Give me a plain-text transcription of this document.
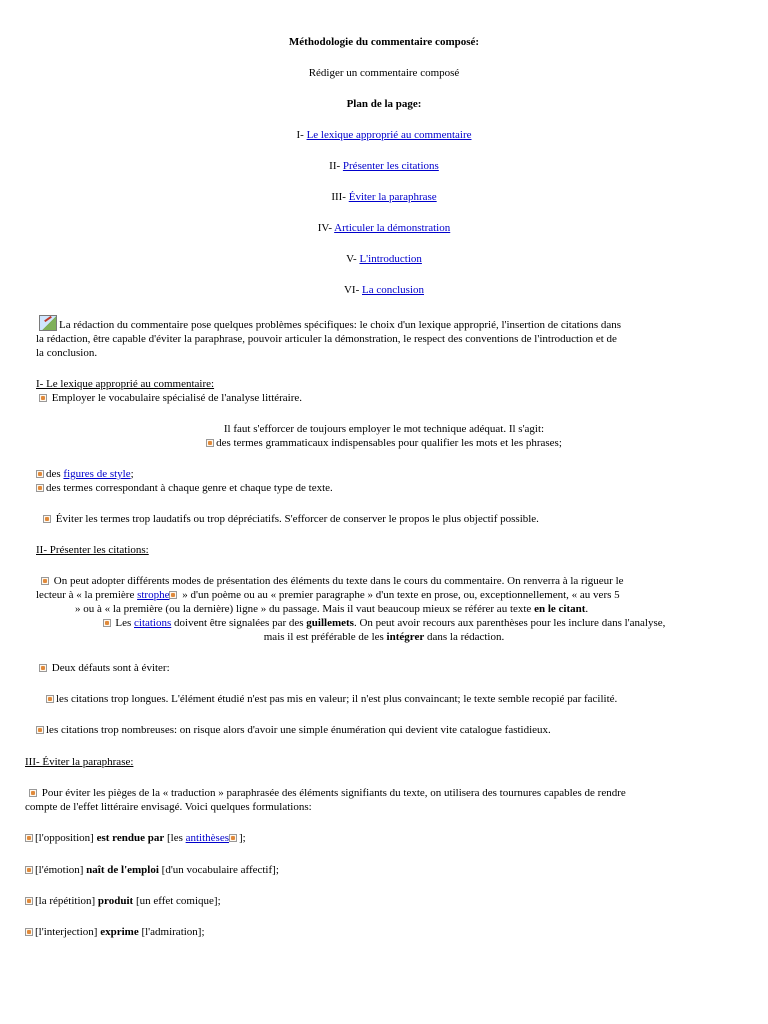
Méthodologie du commentaire composé:
Rédiger un commentaire composé
Plan de la page:
I- Le lexique approprié au commentaire
II- Présenter les citations
III- Éviter la paraphrase
IV- Articuler la démonstration
V- L'introduction
VI- La conclusion
La rédaction du commentaire pose quelques problèmes spécifiques: le choix d'un lexique approprié, l'insertion de citations dans
la rédaction, être capable d'éviter la paraphrase, pouvoir articuler la démonstration, le respect des conventions de l'introduction et de
la conclusion.
I- Le lexique approprié au commentaire:
Employer le vocabulaire spécialisé de l'analyse littéraire.
Il faut s'efforcer de toujours employer le mot technique adéquat. Il s'agit:
des termes grammaticaux indispensables pour qualifier les mots et les phrases;
des figures de style;
des termes correspondant à chaque genre et chaque type de texte.
Éviter les termes trop laudatifs ou trop dépréciatifs. S'efforcer de conserver le propos le plus objectif possible.
II- Présenter les citations:
On peut adopter différents modes de présentation des éléments du texte dans le cours du commentaire. On renverra à la rigueur le
lecteur à « la première strophe » d'un poème ou au « premier paragraphe » d'un texte en prose, ou, exceptionnellement, « au vers 5
» ou à « la première (ou la dernière) ligne » du passage. Mais il vaut beaucoup mieux se référer au texte en le citant.
Les citations doivent être signalées par des guillemets. On peut avoir recours aux parenthèses pour les inclure dans l'analyse,
mais il est préférable de les intégrer dans la rédaction.
Deux défauts sont à éviter:
les citations trop longues. L'élément étudié n'est pas mis en valeur; il n'est plus convaincant; le texte semble recopié par facilité.
les citations trop nombreuses: on risque alors d'avoir une simple énumération qui devient vite catalogue fastidieux.
III- Éviter la paraphrase:
Pour éviter les pièges de la « traduction » paraphrasée des éléments signifiants du texte, on utilisera des tournures capables de rendre
compte de l'effet littéraire envisagé. Voici quelques formulations:
[l'opposition] est rendue par [les antithèses ];
[l'émotion] naît de l'emploi [d'un vocabulaire affectif];
[la répétition] produit [un effet comique];
[l'interjection] exprime [l'admiration];
